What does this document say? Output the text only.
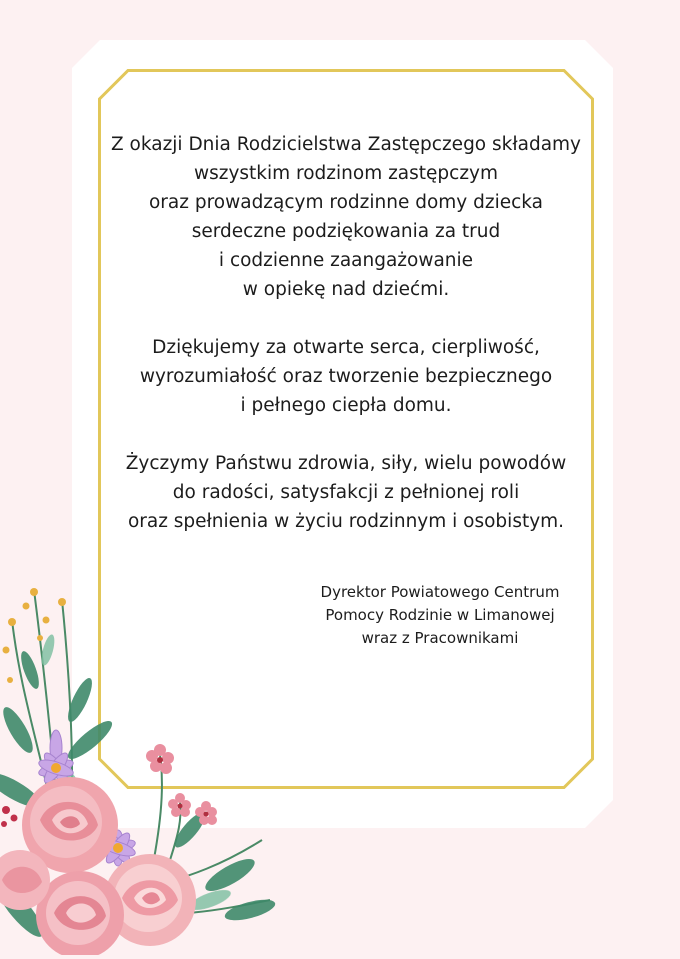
Z okazji Dnia Rodzicielstwa Zastępczego składamy
wszystkim rodzinom zastępczym
oraz prowadzącym rodzinne domy dziecka
serdeczne podziękowania za trud
i codzienne zaangażowanie
w opiekę nad dziećmi.

Dziękujemy za otwarte serca, cierpliwość,
wyrozumiałość oraz tworzenie bezpiecznego
i pełnego ciepła domu.

Życzymy Państwu zdrowia, siły, wielu powodów
do radości, satysfakcji z pełnionej roli
oraz spełnienia w życiu rodzinnym i osobistym.

Dyrektor Powiatowego Centrum
Pomocy Rodzinie w Limanowej
wraz z Pracownikami
